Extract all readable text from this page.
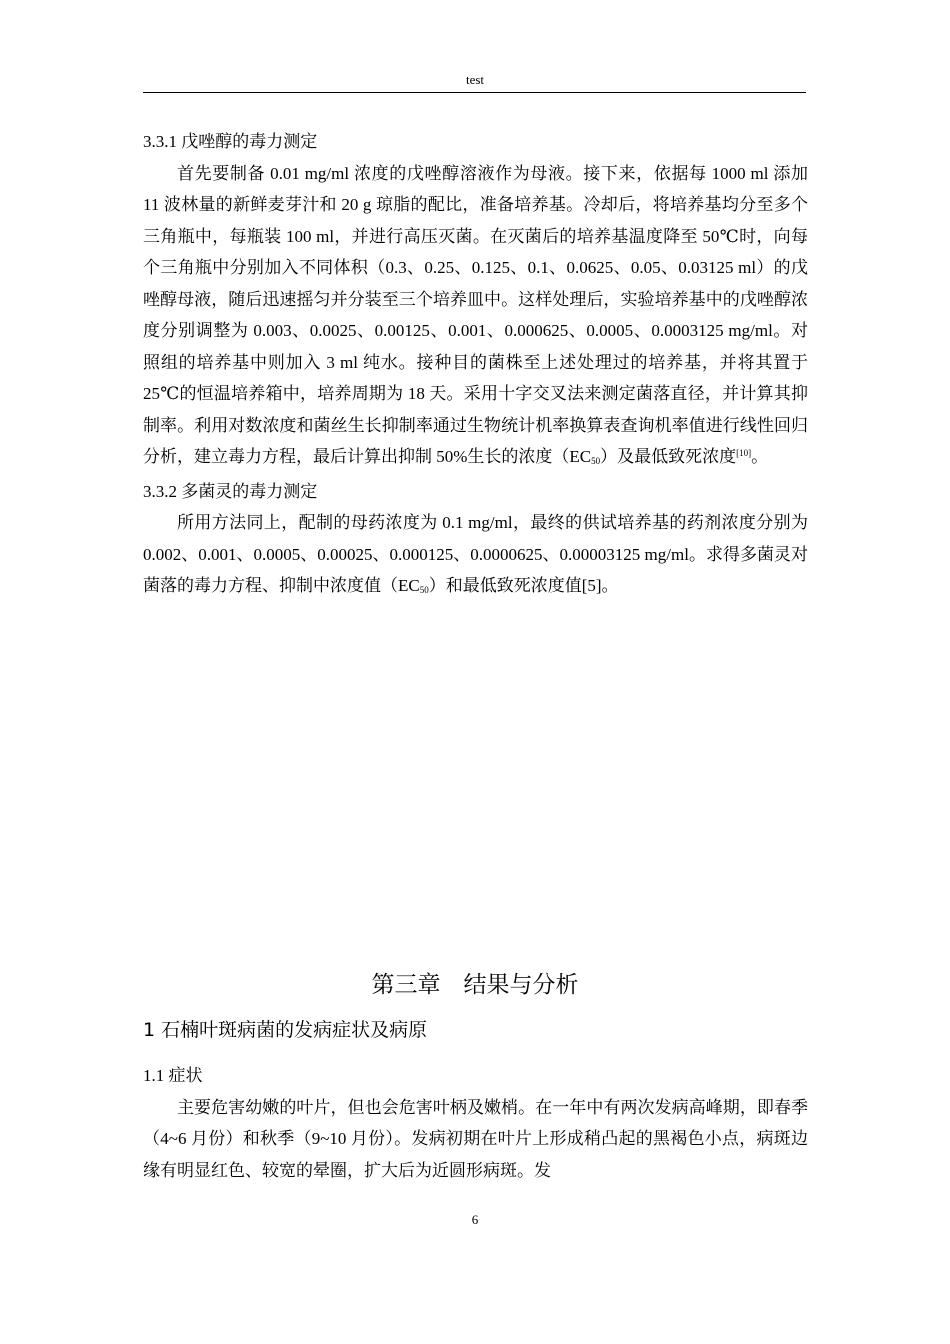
test

3.3.1 戊唑醇的毒力测定

首先要制备 0.01 mg/ml 浓度的戊唑醇溶液作为母液。接下来，依据每 1000 ml 添加 11 波林量的新鲜麦芽汁和 20 g 琼脂的配比，准备培养基。冷却后，将培养基均分至多个三角瓶中，每瓶装 100 ml，并进行高压灭菌。在灭菌后的培养基温度降至 50℃时，向每个三角瓶中分别加入不同体积（0.3、0.25、0.125、0.1、0.0625、0.05、0.03125 ml）的戊唑醇母液，随后迅速摇匀并分装至三个培养皿中。这样处理后，实验培养基中的戊唑醇浓度分别调整为 0.003、0.0025、0.00125、0.001、0.000625、0.0005、0.0003125 mg/ml。对照组的培养基中则加入 3 ml 纯水。接种目的菌株至上述处理过的培养基，并将其置于 25℃的恒温培养箱中，培养周期为 18 天。采用十字交叉法来测定菌落直径，并计算其抑制率。利用对数浓度和菌丝生长抑制率通过生物统计机率换算表查询机率值进行线性回归分析，建立毒力方程，最后计算出抑制 50%生长的浓度$(EC_{50})$及最低致死浓度[10]。

3.3.2 多菌灵的毒力测定

所用方法同上，配制的母药浓度为 0.1 mg/ml，最终的供试培养基的药剂浓度分别为 0.002、0.001、0.0005、0.00025、0.000125、0.0000625、0.00003125 mg/ml。求得多菌灵对菌落的毒力方程、抑制中浓度值$(EC_{50})$和最低致死浓度值[5]。

第三章　结果与分析
1 石楠叶斑病菌的发病症状及病原

1.1 症状

主要危害幼嫩的叶片，但也会危害叶柄及嫩梢。在一年中有两次发病高峰期，即春季（4~6 月份）和秋季（9~10 月份）。发病初期在叶片上形成稍凸起的黑褐色小点，病斑边缘有明显红色、较宽的晕圈，扩大后为近圆形病斑。发

6
